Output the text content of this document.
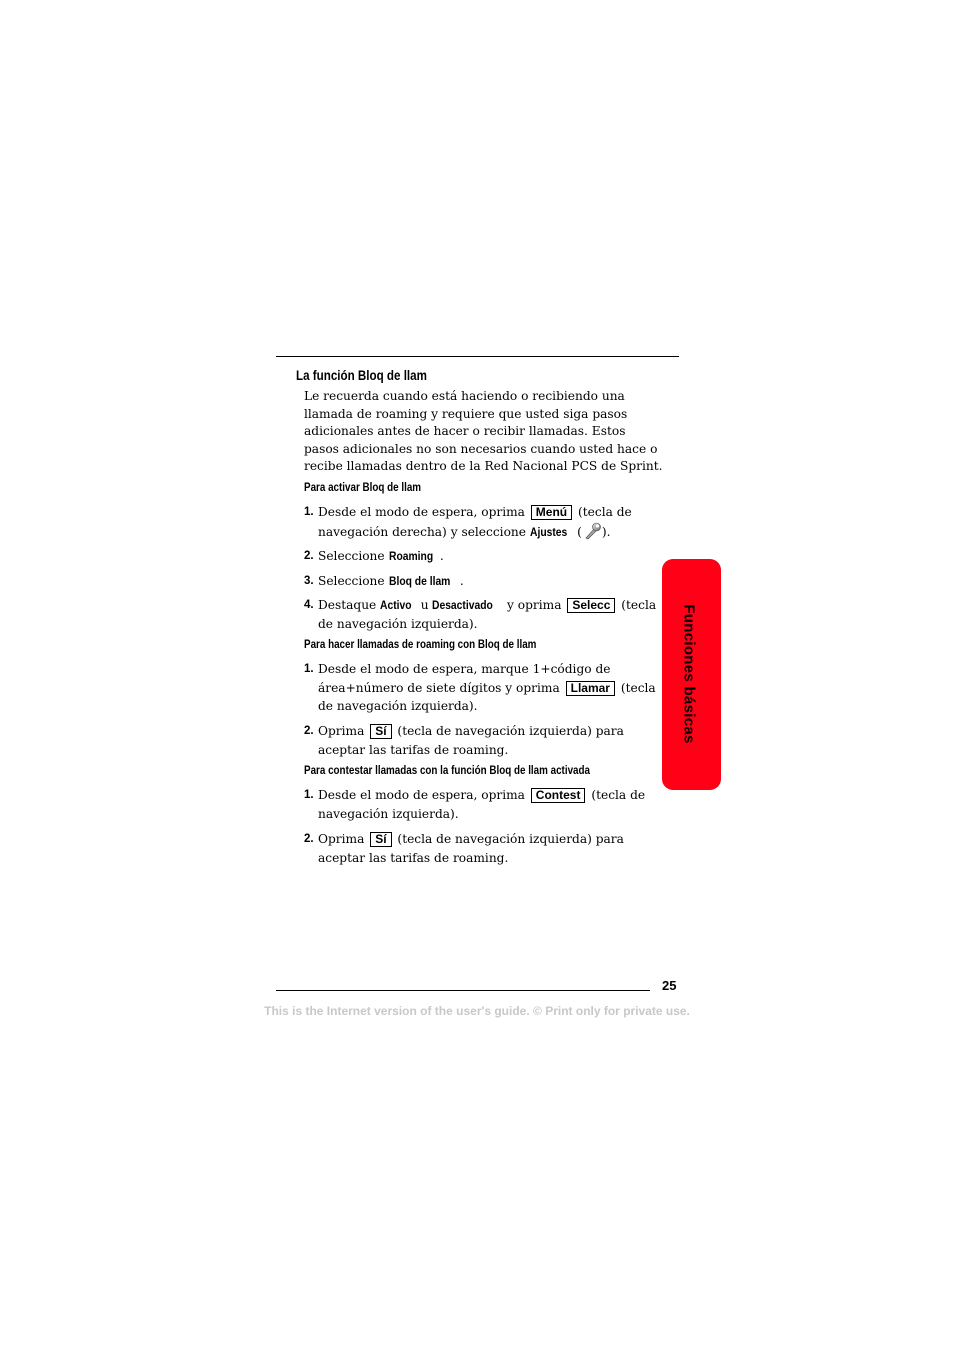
La función Bloq de llam
Le recuerda cuando está haciendo o recibiendo una llamada de roaming y requiere que usted siga pasos adicionales antes de hacer o recibir llamadas. Estos pasos adicionales no son necesarios cuando usted hace o recibe llamadas dentro de la Red Nacional PCS de Sprint.
Para activar Bloq de llam
1. Desde el modo de espera, oprima Menú (tecla de navegación derecha) y seleccione Ajustes ( ).
2. Seleccione Roaming .
3. Seleccione Bloq de llam .
4. Destaque Activo u Desactivado y oprima Selecc (tecla de navegación izquierda).
Para hacer llamadas de roaming con Bloq de llam
1. Desde el modo de espera, marque 1+código de área+número de siete dígitos y oprima Llamar (tecla de navegación izquierda).
2. Oprima Sí (tecla de navegación izquierda) para aceptar las tarifas de roaming.
Para contestar llamadas con la función Bloq de llam activada
1. Desde el modo de espera, oprima Contest (tecla de navegación izquierda).
2. Oprima Sí (tecla de navegación izquierda) para aceptar las tarifas de roaming.
Funciones básicas
25
This is the Internet version of the user's guide. © Print only for private use.
